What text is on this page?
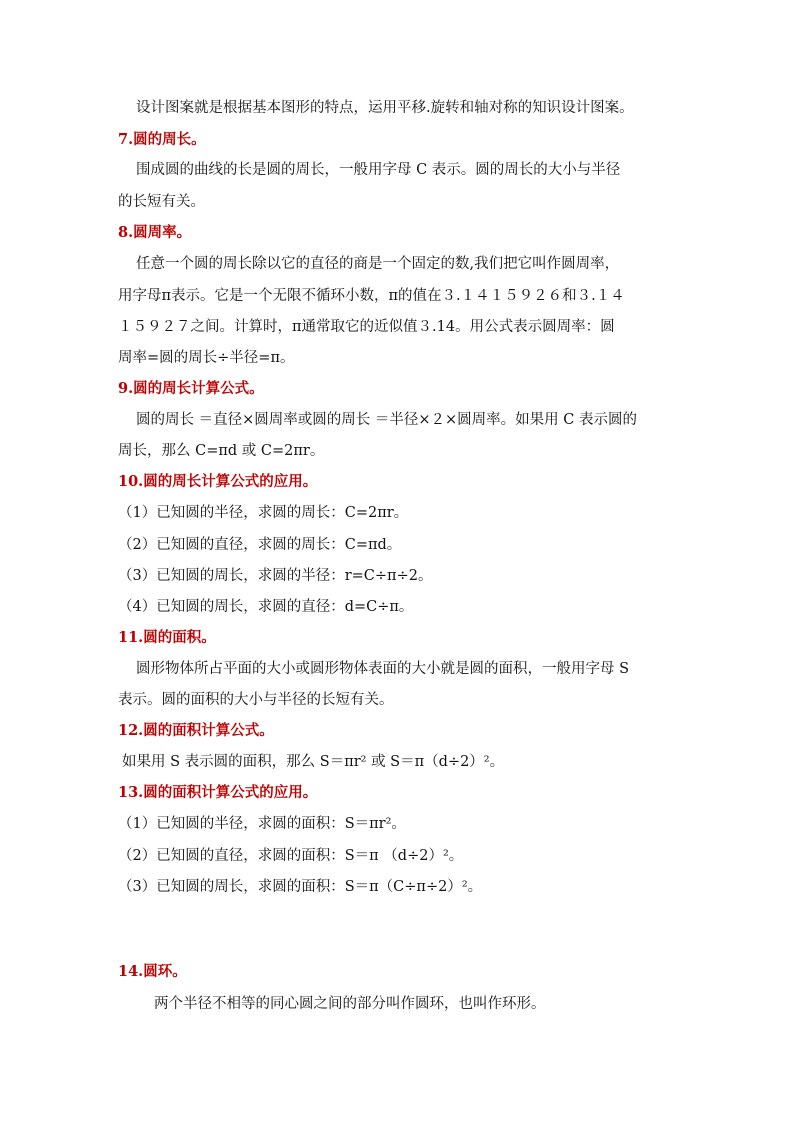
设计图案就是根据基本图形的特点，运用平移.旋转和轴对称的知识设计图案。
7.圆的周长。
围成圆的曲线的长是圆的周长，一般用字母 C 表示。圆的周长的大小与半径
的长短有关。
8.圆周率。
任意一个圆的周长除以它的直径的商是一个固定的数,我们把它叫作圆周率，
用字母π表示。它是一个无限不循环小数，π的值在３.１４１５９２６和３.１４
１５９２７之间。计算时，π通常取它的近似值３.14。用公式表示圆周率：圆
周率=圆的周长÷半径=π。
9.圆的周长计算公式。
圆的周长 ＝直径×圆周率或圆的周长 ＝半径×２×圆周率。如果用 C 表示圆的
周长，那么 C=πd 或 C=2πr。
10.圆的周长计算公式的应用。
（1）已知圆的半径，求圆的周长：C=2πr。
（2）已知圆的直径，求圆的周长：C=πd。
（3）已知圆的周长，求圆的半径：r=C÷π÷2。
（4）已知圆的周长，求圆的直径：d=C÷π。
11.圆的面积。
圆形物体所占平面的大小或圆形物体表面的大小就是圆的面积，一般用字母 S
表示。圆的面积的大小与半径的长短有关。
12.圆的面积计算公式。
如果用 S 表示圆的面积，那么 S＝πr² 或 S＝π（d÷2）²。
13.圆的面积计算公式的应用。
（1）已知圆的半径，求圆的面积：S＝πr²。
（2）已知圆的直径，求圆的面积：S＝π （d÷2）²。
（3）已知圆的周长，求圆的面积：S＝π（C÷π÷2）²。
14.圆环。
两个半径不相等的同心圆之间的部分叫作圆环，也叫作环形。
